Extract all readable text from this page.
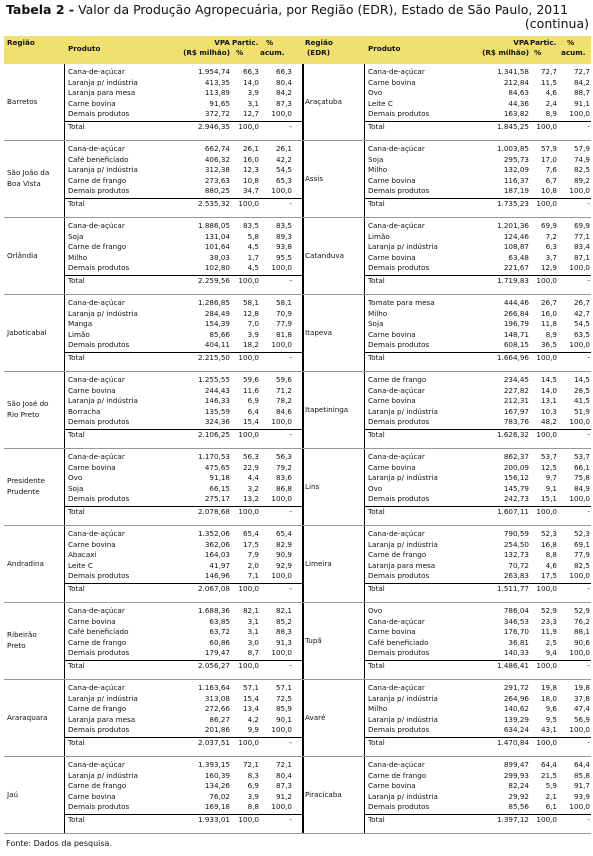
Tabela 2 - Valor da Produção Agropecuária, por Região (EDR), Estado de São Paulo, 2011
(continua)
Região
Produto
VPA
(R$ milhão)
Partic.
%
%
acum.
Região
(EDR)	Produto
VPA
(R$ milhão)
Partic.
%
%
acum.
Barretos
Cana-de-açúcar	1.954,74	66,3	66,3
Laranja p/ indústria	413,35	14,0	80,4
Laranja para mesa	113,89	3,9	84,2
Carne bovina	91,65	3,1	87,3
Demais produtos	372,72	12,7	100,0
Total	2.946,35	100,0	-
Araçatuba
Cana-de-açúcar	1.341,58	72,7	72,7
Carne bovina	212,84	11,5	84,2
Ovo	84,63	4,6	88,7
Leite C	44,36	2,4	91,1
Demais produtos	163,82	8,9	100,0
Total	1.845,25	100,0	-
São João da
Boa Vista
Cana-de-açúcar	662,74	26,1	26,1
Café beneficiado	406,32	16,0	42,2
Laranja p/ indústria	312,38	12,3	54,5
Carne de frango	273,63	10,8	65,3
Demais produtos	880,25	34,7	100,0
Total	2.535,32	100,0	-
Assis
Cana-de-açúcar	1.003,85	57,9	57,9
Soja	295,73	17,0	74,9
Milho	132,09	7,6	82,5
Carne bovina	116,37	6,7	89,2
Demais produtos	187,19	10,8	100,0
Total	1.735,23	100,0	-
Orlândia
Cana-de-açúcar	1.886,05	83,5	83,5
Soja	131,04	5,8	89,3
Carne de frango	101,64	4,5	93,8
Milho	38,03	1,7	95,5
Demais produtos	102,80	4,5	100,0
Total	2.259,56	100,0	-
Catanduva
Cana-de-açúcar	1.201,36	69,9	69,9
Limão	124,46	7,2	77,1
Laranja p/ indústria	108,87	6,3	83,4
Carne bovina	63,48	3,7	87,1
Demais produtos	221,67	12,9	100,0
Total	1.719,83	100,0	-
Jaboticabal
Cana-de-açúcar	1.286,85	58,1	58,1
Laranja p/ indústria	284,49	12,8	70,9
Manga	154,39	7,0	77,9
Limão	85,66	3,9	81,8
Demais produtos	404,11	18,2	100,0
Total	2.215,50	100,0	-
Itapeva
Tomate para mesa	444,46	26,7	26,7
Milho	266,84	16,0	42,7
Soja	196,79	11,8	54,5
Carne bovina	148,71	8,9	63,5
Demais produtos	608,15	36,5	100,0
Total	1.664,96	100,0	-
São José do
Rio Preto
Cana-de-açúcar	1.255,55	59,6	59,6
Carne bovina	244,43	11,6	71,2
Laranja p/ indústria	146,33	6,9	78,2
Borracha	135,59	6,4	84,6
Demais produtos	324,36	15,4	100,0
Total	2.106,25	100,0	-
Itapetininga
Carne de frango	234,45	14,5	14,5
Cana-de-açúcar	227,82	14,0	28,5
Carne bovina	212,31	13,1	41,5
Laranja p/ indústria	167,97	10,3	51,9
Demais produtos	783,76	48,2	100,0
Total	1.626,32	100,0	-
Presidente
Prudente
Cana-de-açúcar	1.170,53	56,3	56,3
Carne bovina	475,65	22,9	79,2
Ovo	91,18	4,4	83,6
Soja	66,15	3,2	86,8
Demais produtos	275,17	13,2	100,0
Total	2.078,68	100,0	-
Lins
Cana-de-açúcar	862,37	53,7	53,7
Carne bovina	200,09	12,5	66,1
Laranja p/ indústria	156,12	9,7	75,8
Ovo	145,79	9,1	84,9
Demais produtos	242,73	15,1	100,0
Total	1.607,11	100,0	-
Andradina
Cana-de-açúcar	1.352,06	65,4	65,4
Carne bovina	362,06	17,5	82,9
Abacaxi	164,03	7,9	90,9
Leite C	41,97	2,0	92,9
Demais produtos	146,96	7,1	100,0
Total	2.067,08	100,0	-
Limeira
Cana-de-açúcar	790,59	52,3	52,3
Laranja p/ indústria	254,50	16,8	69,1
Carne de frango	132,73	8,8	77,9
Laranja para mesa	70,72	4,6	82,5
Demais produtos	263,83	17,5	100,0
Total	1.511,77	100,0	-
Ribeirão
Preto
Cana-de-açúcar	1.688,36	82,1	82,1
Carne bovina	63,85	3,1	85,2
Café beneficiado	63,72	3,1	88,3
Carne de frango	60,86	3,0	91,3
Demais produtos	179,47	8,7	100,0
Total	2.056,27	100,0	-
Tupã
Ovo	786,04	52,9	52,9
Cana-de-açúcar	346,53	23,3	76,2
Carne bovina	176,70	11,9	88,1
Café beneficiado	36,81	2,5	90,6
Demais produtos	140,33	9,4	100,0
Total	1.486,41	100,0	-
Araraquara
Cana-de-açúcar	1.163,64	57,1	57,1
Laranja p/ indústria	313,08	15,4	72,5
Carne de frango	272,66	13,4	85,9
Laranja para mesa	86,27	4,2	90,1
Demais produtos	201,86	9,9	100,0
Total	2.037,51	100,0	-
Avaré
Cana-de-açúcar	291,72	19,8	19,8
Laranja p/ indústria	264,96	18,0	37,8
Milho	140,62	9,6	47,4
Laranja p/ indústria	139,29	9,5	56,9
Demais produtos	634,24	43,1	100,0
Total	1.470,84	100,0	-
Jaú
Cana-de-açúcar	1.393,15	72,1	72,1
Laranja p/ indústria	160,39	8,3	80,4
Carne de frango	134,26	6,9	87,3
Carne bovina	76,02	3,9	91,2
Demais produtos	169,18	8,8	100,0
Total	1.933,01	100,0	-
Piracicaba
Cana-de-açúcar	899,47	64,4	64,4
Carne de frango	299,93	21,5	85,8
Carne bovina	82,24	5,9	91,7
Laranja p/ indústria	29,92	2,1	93,9
Demais produtos	85,56	6,1	100,0
Total	1.397,12	100,0	-
Fonte: Dados da pesquisa.
